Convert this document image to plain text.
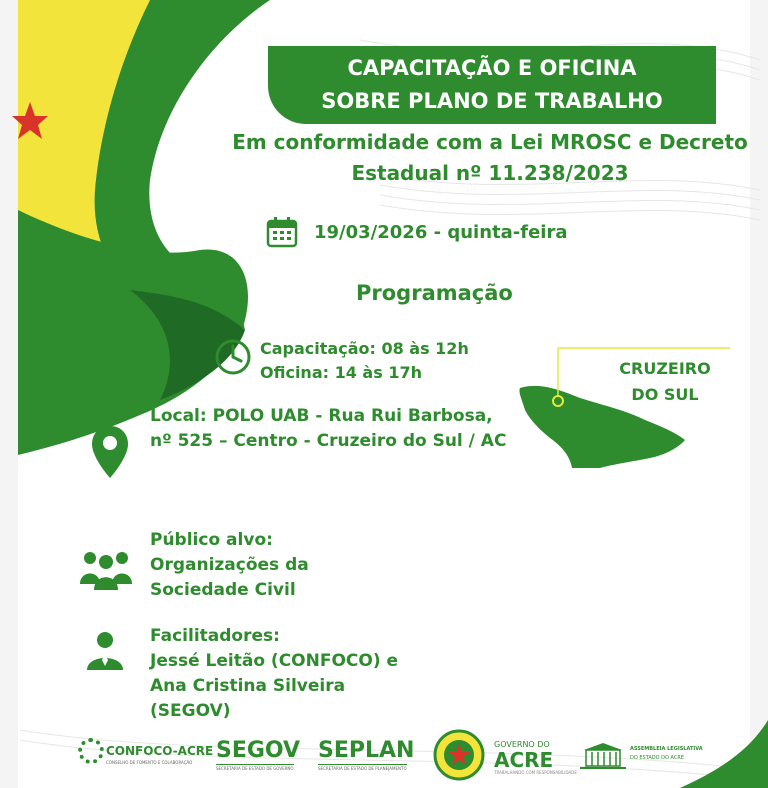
CAPACITAÇÃO E OFICINA
SOBRE PLANO DE TRABALHO
Em conformidade com a Lei MROSC e Decreto
Estadual nº 11.238/2023
19/03/2026 - quinta-feira
Programação
Capacitação: 08 às 12h
Oficina: 14 às 17h
Local: POLO UAB - Rua Rui Barbosa,
nº 525 – Centro - Cruzeiro do Sul / AC
CRUZEIRO
DO SUL
Público alvo:
Organizações da
Sociedade Civil
Facilitadores:
Jessé Leitão (CONFOCO) e
Ana Cristina Silveira
(SEGOV)
CONFOCO-ACRE
CONSELHO DE FOMENTO E COLABORAÇÃO SEGOV
SECRETARIA DE ESTADO DE GOVERNO
SEPLAN
SECRETARIA DE ESTADO DE PLANEJAMENTO
GOVERNO DO
ACRE
TRABALHANDO COM RESPONSABILIDADE
ASSEMBLEIA LEGISLATIVA
DO ESTADO DO ACRE
